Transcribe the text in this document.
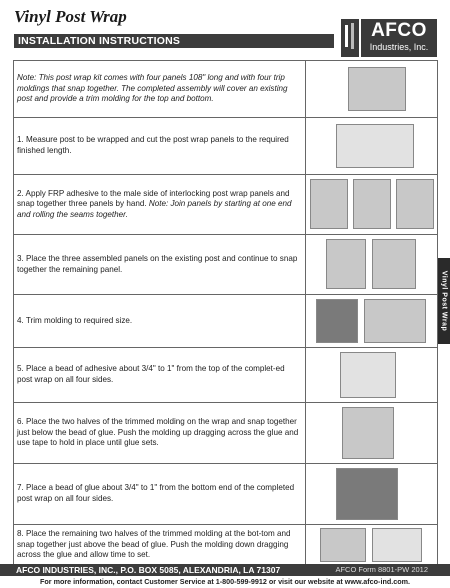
Vinyl Post Wrap
INSTALLATION INSTRUCTIONS	AFCO
Industries, Inc.
Note: This post wrap kit comes with four panels 108" long and with four trip moldings that snap together. The completed assembly will cover an existing post and provide a trim molding for the top and bottom.
1. Measure post to be wrapped and cut the post wrap panels to the required finished length.
2. Apply FRP adhesive to the male side of interlocking post wrap panels and snap together three panels by hand. Note: Join panels by starting at one end and rolling the seams together.
3. Place the three assembled panels on the existing post and continue to snap together the remaining panel.
4. Trim molding to required size.
5. Place a bead of adhesive about 3/4" to 1" from the top of the complet-ed post wrap on all four sides.
6. Place the two halves of the trimmed molding on the wrap and snap together just below the bead of glue. Push the molding up dragging across the glue and use tape to hold in place until glue sets.
7. Place a bead of glue about 3/4" to 1" from the bottom end of the completed post wrap on all four sides.
8. Place the remaining two halves of the trimmed molding at the bot-tom and snap together just above the bead of glue. Push the molding down dragging across the glue and allow time to set.
Vinyl Post Wrap
AFCO INDUSTRIES, INC., P.O. BOX 5085, ALEXANDRIA, LA 71307	AFCO Form 8801-PW 2012
For more information, contact Customer Service at 1-800-599-9912 or visit our website at www.afco-ind.com.
